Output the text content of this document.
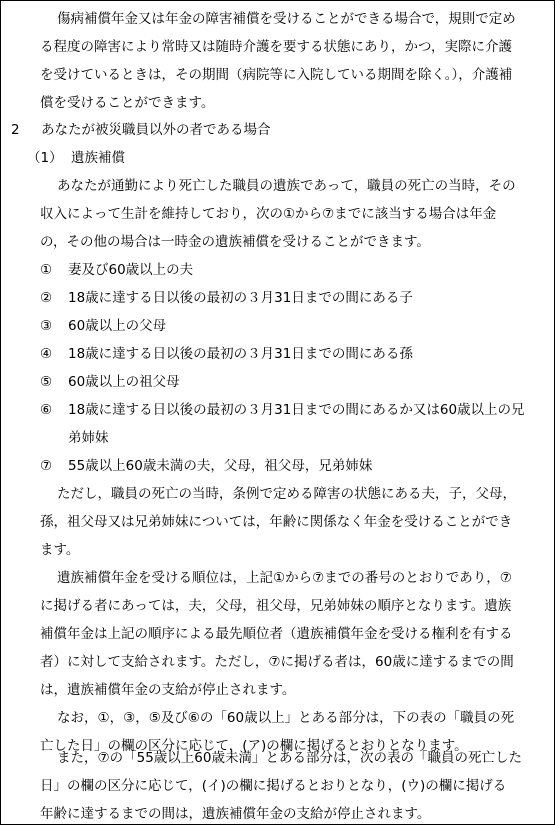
傷病補償年金又は年金の障害補償を受けることができる場合で，規則で定め
る程度の障害により常時又は随時介護を要する状態にあり，かつ，実際に介護
を受けているときは，その期間（病院等に入院している期間を除く。），介護補
償を受けることができます。
2 あなたが被災職員以外の者である場合
（1） 遺族補償
あなたが通勤により死亡した職員の遺族であって，職員の死亡の当時，その
収入によって生計を維持しており，次の①から⑦までに該当する場合は年金
の，その他の場合は一時金の遺族補償を受けることができます。
① 妻及び60歳以上の夫
② 18歳に達する日以後の最初の３月31日までの間にある子
③ 60歳以上の父母
④ 18歳に達する日以後の最初の３月31日までの間にある孫
⑤ 60歳以上の祖父母
⑥ 18歳に達する日以後の最初の３月31日までの間にあるか又は60歳以上の兄
弟姉妹
⑦ 55歳以上60歳未満の夫，父母，祖父母，兄弟姉妹
ただし，職員の死亡の当時，条例で定める障害の状態にある夫，子，父母，
孫，祖父母又は兄弟姉妹については，年齢に関係なく年金を受けることができ
ます。
遺族補償年金を受ける順位は，上記①から⑦までの番号のとおりであり，⑦
に掲げる者にあっては，夫，父母，祖父母，兄弟姉妹の順序となります。遺族
補償年金は上記の順序による最先順位者（遺族補償年金を受ける権利を有する
者）に対して支給されます。ただし，⑦に掲げる者は，60歳に達するまでの間
は，遺族補償年金の支給が停止されます。
なお，①，③，⑤及び⑥の「60歳以上」とある部分は，下の表の「職員の死
亡した日」の欄の区分に応じて，(ア)の欄に掲げるとおりとなります。
また，⑦の「55歳以上60歳未満」とある部分は，次の表の「職員の死亡した
日」の欄の区分に応じて，(イ)の欄に掲げるとおりとなり，(ウ)の欄に掲げる
年齢に達するまでの間は，遺族補償年金の支給が停止されます。
